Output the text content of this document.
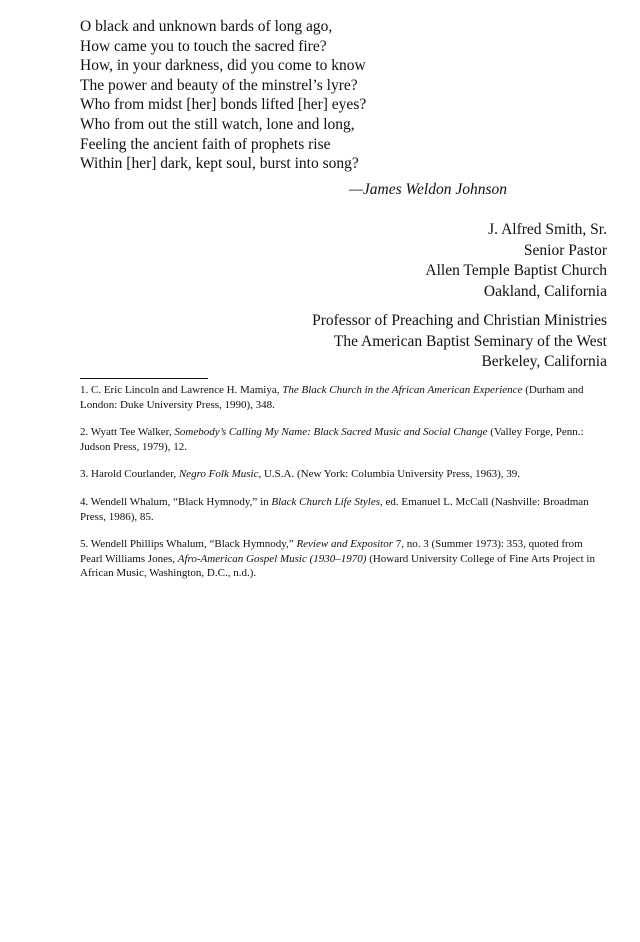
O black and unknown bards of long ago,
How came you to touch the sacred fire?
How, in your darkness, did you come to know
The power and beauty of the minstrel’s lyre?
Who from midst [her] bonds lifted [her] eyes?
Who from out the still watch, lone and long,
Feeling the ancient faith of prophets rise
Within [her] dark, kept soul, burst into song?
—James Weldon Johnson
J. Alfred Smith, Sr.
Senior Pastor
Allen Temple Baptist Church
Oakland, California
Professor of Preaching and Christian Ministries
The American Baptist Seminary of the West
Berkeley, California

1. C. Eric Lincoln and Lawrence H. Mamiya, The Black Church in the African American Experience (Durham and London: Duke University Press, 1990), 348.

2. Wyatt Tee Walker, Somebody’s Calling My Name: Black Sacred Music and Social Change (Valley Forge, Penn.: Judson Press, 1979), 12.

3. Harold Courlander, Negro Folk Music, U.S.A. (New York: Columbia University Press, 1963), 39.

4. Wendell Whalum, “Black Hymnody,” in Black Church Life Styles, ed. Emanuel L. McCall (Nashville: Broadman Press, 1986), 85.

5. Wendell Phillips Whalum, “Black Hymnody,” Review and Expositor 7, no. 3 (Summer 1973): 353, quoted from Pearl Williams Jones, Afro-American Gospel Music (1930–1970) (Howard University College of Fine Arts Project in African Music, Washington, D.C., n.d.).
